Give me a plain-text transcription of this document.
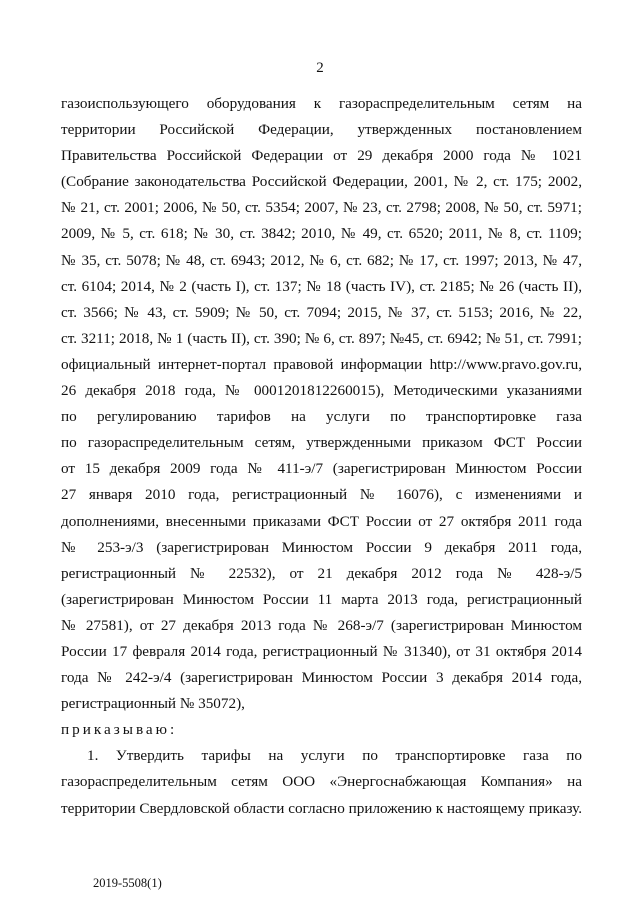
2
газоиспользующего оборудования к газораспределительным сетям на
территории Российской Федерации, утвержденных постановлением
Правительства Российской Федерации от 29 декабря 2000 года № 1021
(Собрание законодательства Российской Федерации, 2001, № 2, ст. 175; 2002,
№ 21, ст. 2001; 2006, № 50, ст. 5354; 2007, № 23, ст. 2798; 2008, № 50, ст. 5971;
2009, № 5, ст. 618; № 30, ст. 3842; 2010, № 49, ст. 6520; 2011, № 8, ст. 1109;
№ 35, ст. 5078; № 48, ст. 6943; 2012, № 6, ст. 682; № 17, ст. 1997; 2013, № 47,
ст. 6104; 2014, № 2 (часть I), ст. 137; № 18 (часть IV), ст. 2185; № 26 (часть II),
ст. 3566; № 43, ст. 5909; № 50, ст. 7094; 2015, № 37, ст. 5153; 2016, № 22,
ст. 3211; 2018, № 1 (часть II), ст. 390; № 6, ст. 897; №45, ст. 6942; № 51, ст. 7991;
официальный интернет-портал правовой информации http://www.pravo.gov.ru,
26 декабря 2018 года, № 0001201812260015), Методическими указаниями
по регулированию тарифов на услуги по транспортировке газа
по газораспределительным сетям, утвержденными приказом ФСТ России
от 15 декабря 2009 года № 411-э/7 (зарегистрирован Минюстом России
27 января 2010 года, регистрационный № 16076), с изменениями и
дополнениями, внесенными приказами ФСТ России от 27 октября 2011 года
№ 253-э/3 (зарегистрирован Минюстом России 9 декабря 2011 года,
регистрационный № 22532), от 21 декабря 2012 года № 428-э/5
(зарегистрирован Минюстом России 11 марта 2013 года, регистрационный
№ 27581), от 27 декабря 2013 года № 268-э/7 (зарегистрирован Минюстом
России 17 февраля 2014 года, регистрационный № 31340), от 31 октября 2014
года № 242-э/4 (зарегистрирован Минюстом России 3 декабря 2014 года,
регистрационный № 35072),
приказываю:
1. Утвердить тарифы на услуги по транспортировке газа по
газораспределительным сетям ООО «Энергоснабжающая Компания» на
территории Свердловской области согласно приложению к настоящему приказу.
2019-5508(1)
